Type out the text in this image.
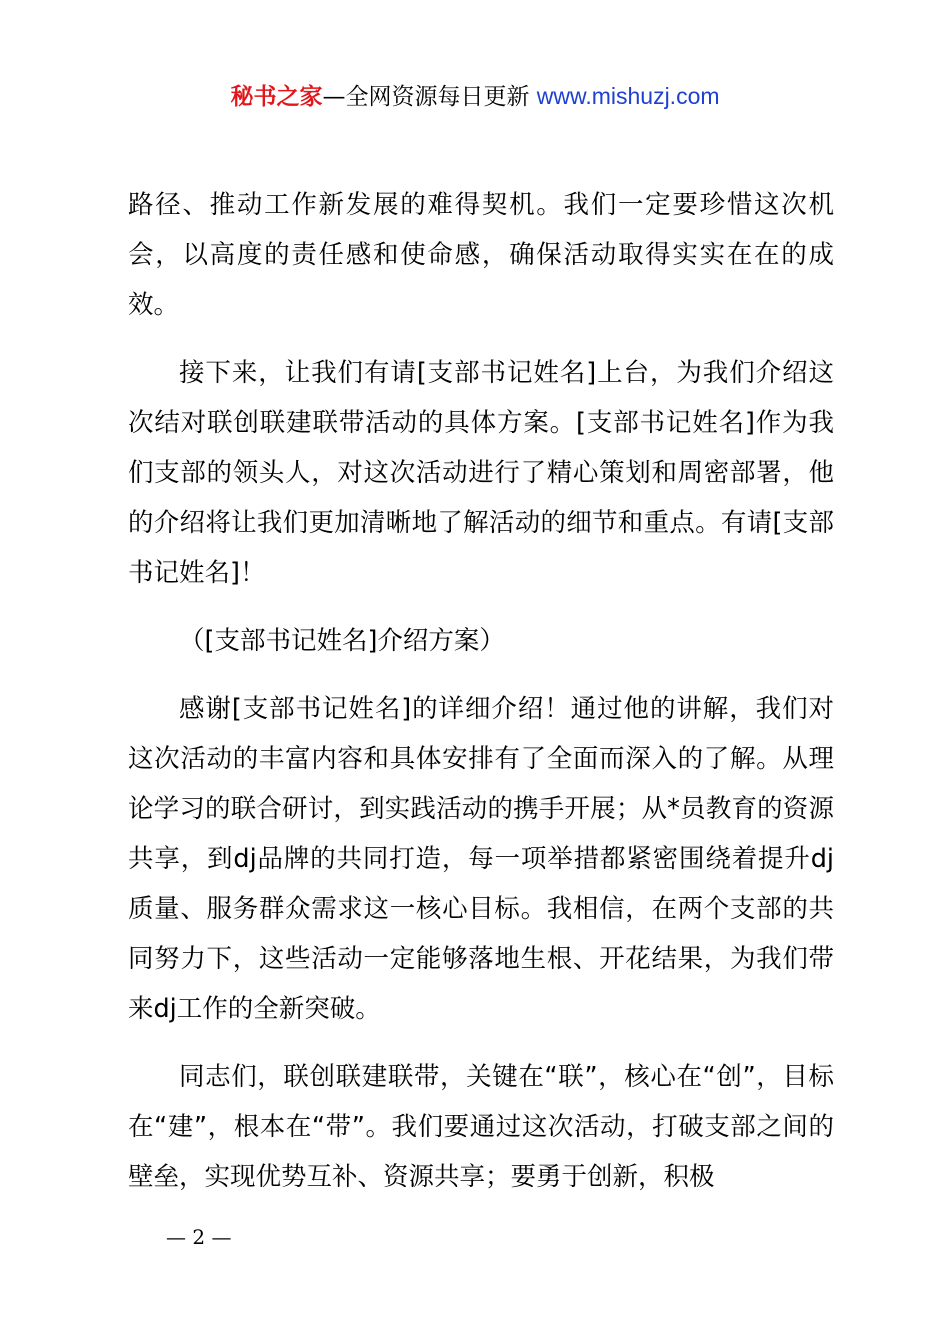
秘书之家—全网资源每日更新 www.mishuzj.com

路径、推动工作新发展的难得契机。我们一定要珍惜这次机会，以高度的责任感和使命感，确保活动取得实实在在的成效。

接下来，让我们有请[支部书记姓名]上台，为我们介绍这次结对联创联建联带活动的具体方案。[支部书记姓名]作为我们支部的领头人，对这次活动进行了精心策划和周密部署，他的介绍将让我们更加清晰地了解活动的细节和重点。有请[支部书记姓名]！

（[支部书记姓名]介绍方案）

感谢[支部书记姓名]的详细介绍！通过他的讲解，我们对这次活动的丰富内容和具体安排有了全面而深入的了解。从理论学习的联合研讨，到实践活动的携手开展；从*员教育的资源共享，到dj品牌的共同打造，每一项举措都紧密围绕着提升dj质量、服务群众需求这一核心目标。我相信，在两个支部的共同努力下，这些活动一定能够落地生根、开花结果，为我们带来dj工作的全新突破。

同志们，联创联建联带，关键在“联”，核心在“创”，目标在“建”，根本在“带”。我们要通过这次活动，打破支部之间的壁垒，实现优势互补、资源共享；要勇于创新，积极

— 2 —
